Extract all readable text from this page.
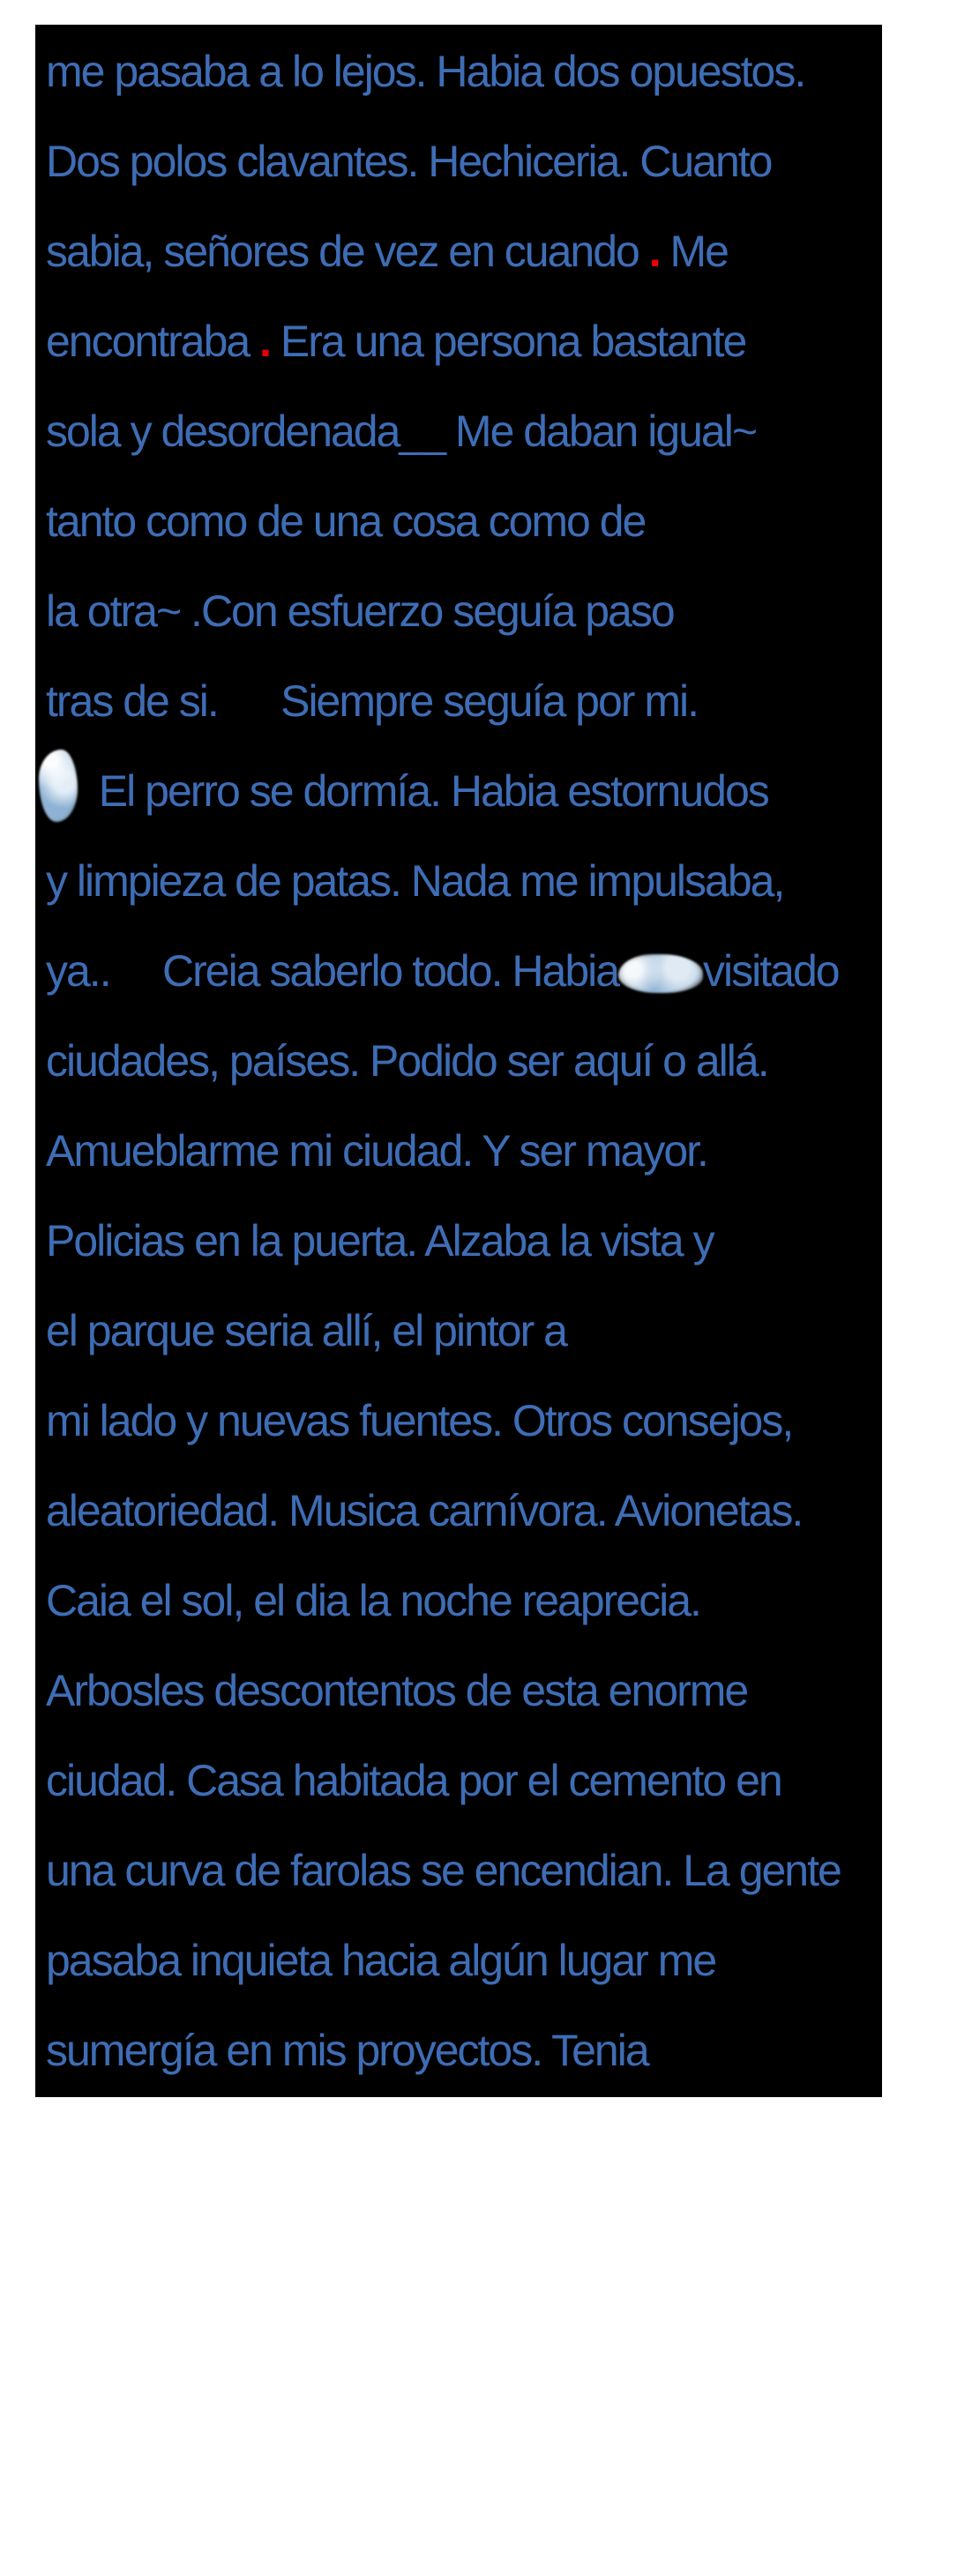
me pasaba a lo lejos. Habia dos opuestos.
Dos polos clavantes. Hechiceria. Cuanto
sabia, señores de vez en cuando . Me
encontraba . Era una persona bastante
sola y desordenada__ Me daban igual~
tanto como de una cosa como de
la otra~ .Con esfuerzo seguía paso
tras de si.      Siempre seguía por mi.
El perro se dormía. Habia estornudos
y limpieza de patas. Nada me impulsaba,
ya..     Creia saberlo todo. Habia visitado
ciudades, países. Podido ser aquí o allá.
Amueblarme mi ciudad. Y ser mayor.
Policias en la puerta. Alzaba la vista y
el parque seria allí, el pintor a
mi lado y nuevas fuentes. Otros consejos,
aleatoriedad. Musica carnívora. Avionetas.
Caia el sol, el dia la noche reaprecia.
Arbosles descontentos de esta enorme
ciudad. Casa habitada por el cemento en
una curva de farolas se encendian. La gente
pasaba inquieta hacia algún lugar me
sumergía en mis proyectos. Tenia
